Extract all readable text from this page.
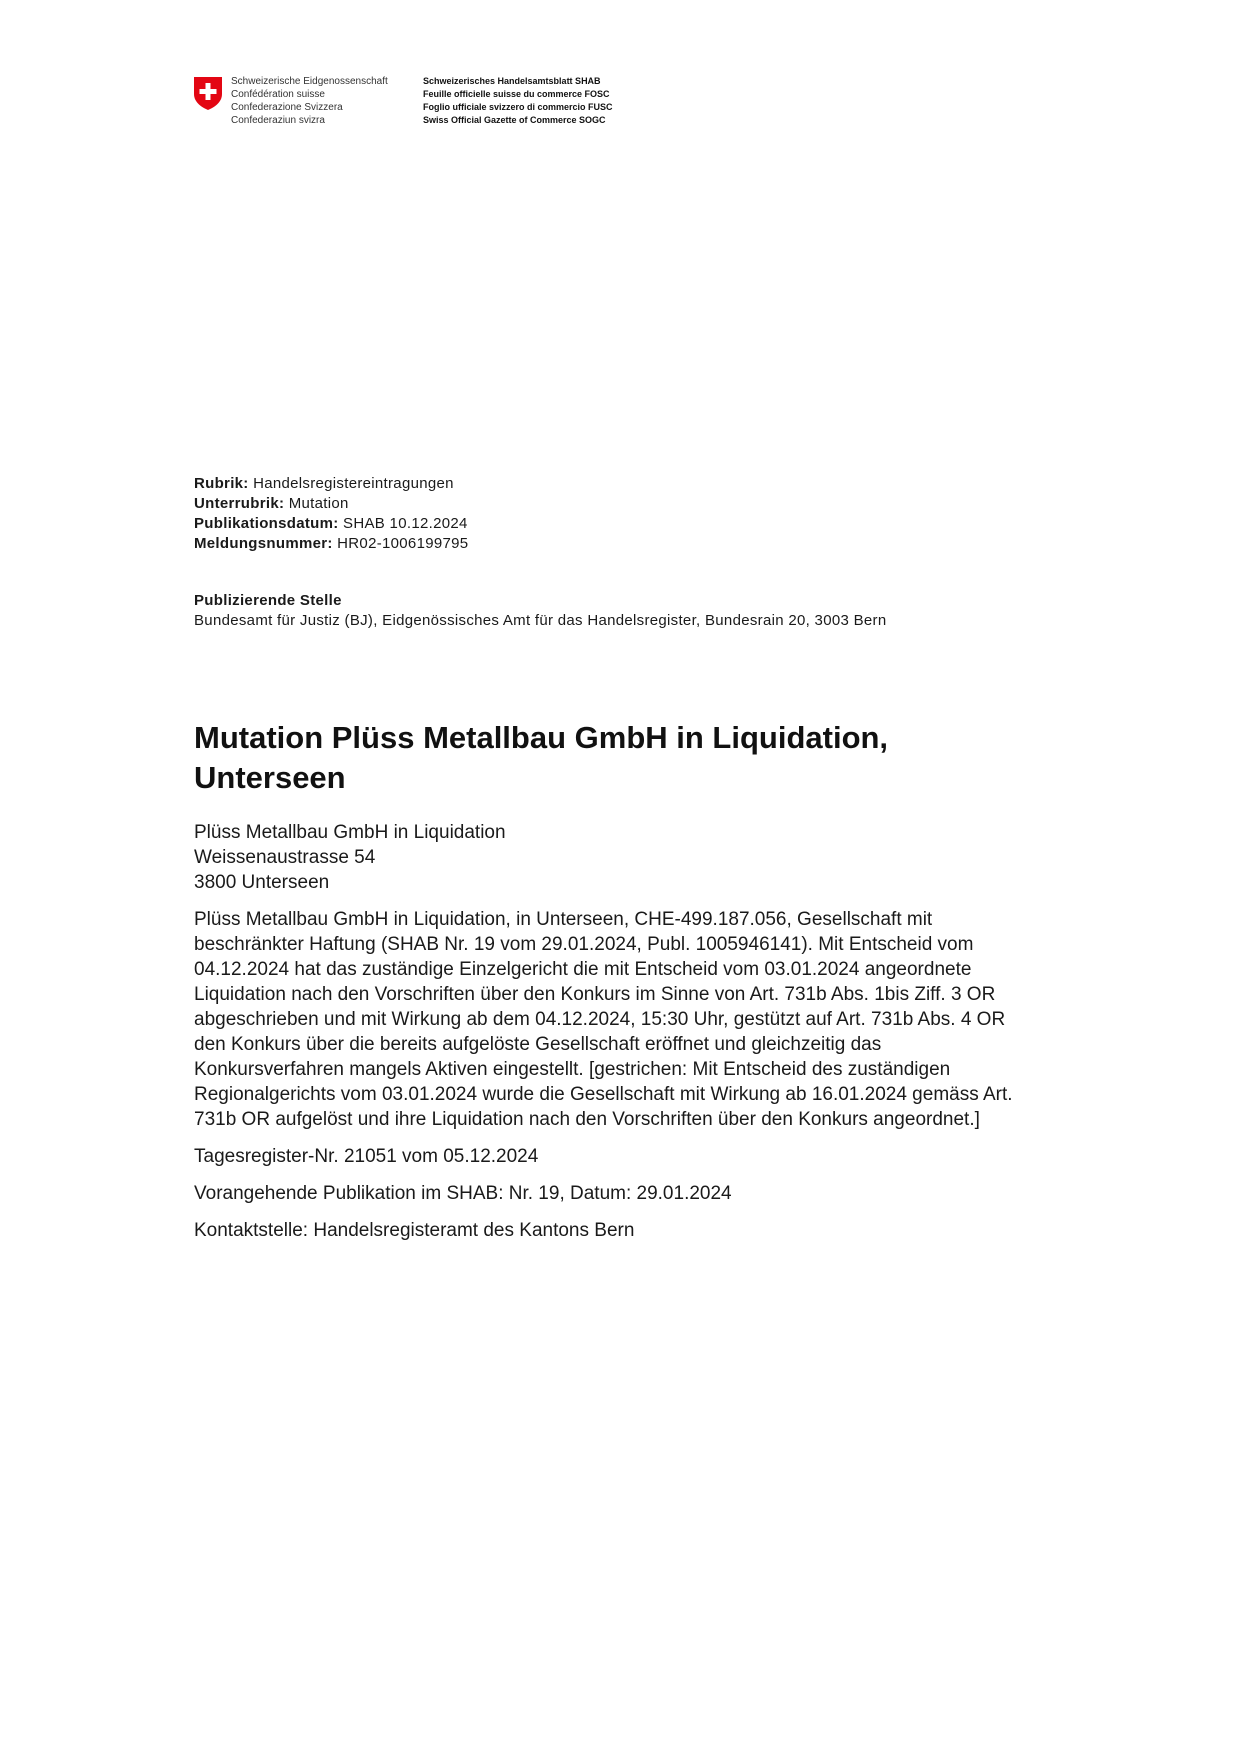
Schweizerische Eidgenossenschaft
Confédération suisse
Confederazione Svizzera
Confederaziun svizra
Schweizerisches Handelsamtsblatt SHAB
Feuille officielle suisse du commerce FOSC
Foglio ufficiale svizzero di commercio FUSC
Swiss Official Gazette of Commerce SOGC
Rubrik: Handelsregistereintragungen
Unterrubrik: Mutation
Publikationsdatum: SHAB 10.12.2024
Meldungsnummer: HR02-1006199795
Publizierende Stelle
Bundesamt für Justiz (BJ), Eidgenössisches Amt für das Handelsregister, Bundesrain 20, 3003 Bern
Mutation Plüss Metallbau GmbH in Liquidation, Unterseen
Plüss Metallbau GmbH in Liquidation
Weissenaustrasse 54
3800 Unterseen

Plüss Metallbau GmbH in Liquidation, in Unterseen, CHE-499.187.056, Gesellschaft mit beschränkter Haftung (SHAB Nr. 19 vom 29.01.2024, Publ. 1005946141). Mit Entscheid vom 04.12.2024 hat das zuständige Einzelgericht die mit Entscheid vom 03.01.2024 angeordnete Liquidation nach den Vorschriften über den Konkurs im Sinne von Art. 731b Abs. 1bis Ziff. 3 OR abgeschrieben und mit Wirkung ab dem 04.12.2024, 15:30 Uhr, gestützt auf Art. 731b Abs. 4 OR den Konkurs über die bereits aufgelöste Gesellschaft eröffnet und gleichzeitig das Konkursverfahren mangels Aktiven eingestellt. [gestrichen: Mit Entscheid des zuständigen Regionalgerichts vom 03.01.2024 wurde die Gesellschaft mit Wirkung ab 16.01.2024 gemäss Art. 731b OR aufgelöst und ihre Liquidation nach den Vorschriften über den Konkurs angeordnet.]

Tagesregister-Nr. 21051 vom 05.12.2024

Vorangehende Publikation im SHAB: Nr. 19, Datum: 29.01.2024

Kontaktstelle: Handelsregisteramt des Kantons Bern
